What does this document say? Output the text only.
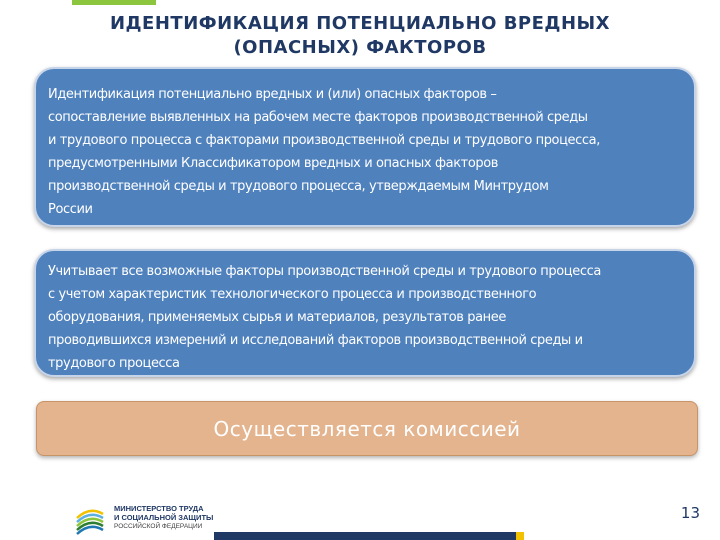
ИДЕНТИФИКАЦИЯ ПОТЕНЦИАЛЬНО ВРЕДНЫХ
(ОПАСНЫХ) ФАКТОРОВ
Идентификация потенциально вредных и (или) опасных факторов –
сопоставление выявленных на рабочем месте факторов производственной среды
и трудового процесса с факторами производственной среды и трудового процесса,
предусмотренными Классификатором вредных и опасных факторов
производственной среды и трудового процесса, утверждаемым Минтрудом
России
Учитывает все возможные факторы производственной среды и трудового процесса
с учетом характеристик технологического процесса и производственного
оборудования, применяемых сырья и материалов, результатов ранее
проводившихся измерений и исследований факторов производственной среды и
трудового процесса
Осуществляется комиссией
МИНИСТЕРСТВО ТРУДА
И СОЦИАЛЬНОЙ ЗАЩИТЫ
РОССИЙСКОЙ ФЕДЕРАЦИИ
13
